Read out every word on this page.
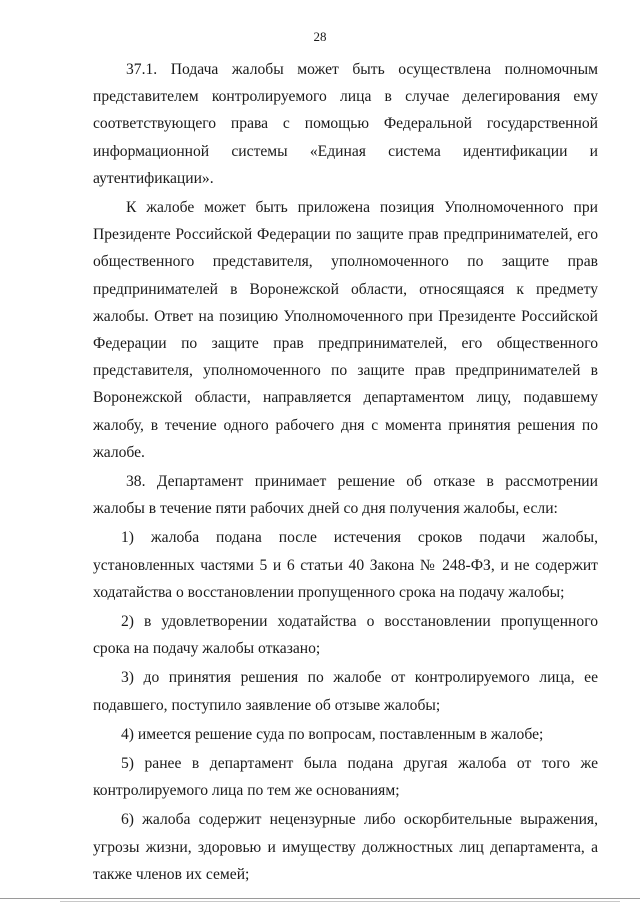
28

37.1. Подача жалобы может быть осуществлена полномочным представителем контролируемого лица в случае делегирования ему соответствующего права с помощью Федеральной государственной информационной системы «Единая система идентификации и аутентификации».

К жалобе может быть приложена позиция Уполномоченного при Президенте Российской Федерации по защите прав предпринимателей, его общественного представителя, уполномоченного по защите прав предпринимателей в Воронежской области, относящаяся к предмету жалобы. Ответ на позицию Уполномоченного при Президенте Российской Федерации по защите прав предпринимателей, его общественного представителя, уполномоченного по защите прав предпринимателей в Воронежской области, направляется департаментом лицу, подавшему жалобу, в течение одного рабочего дня с момента принятия решения по жалобе.

38. Департамент принимает решение об отказе в рассмотрении жалобы в течение пяти рабочих дней со дня получения жалобы, если:

1) жалоба подана после истечения сроков подачи жалобы, установленных частями 5 и 6 статьи 40 Закона № 248-ФЗ, и не содержит ходатайства о восстановлении пропущенного срока на подачу жалобы;

2) в удовлетворении ходатайства о восстановлении пропущенного срока на подачу жалобы отказано;

3) до принятия решения по жалобе от контролируемого лица, ее подавшего, поступило заявление об отзыве жалобы;

4) имеется решение суда по вопросам, поставленным в жалобе;

5) ранее в департамент была подана другая жалоба от того же контролируемого лица по тем же основаниям;

6) жалоба содержит нецензурные либо оскорбительные выражения, угрозы жизни, здоровью и имуществу должностных лиц департамента, а также членов их семей;
